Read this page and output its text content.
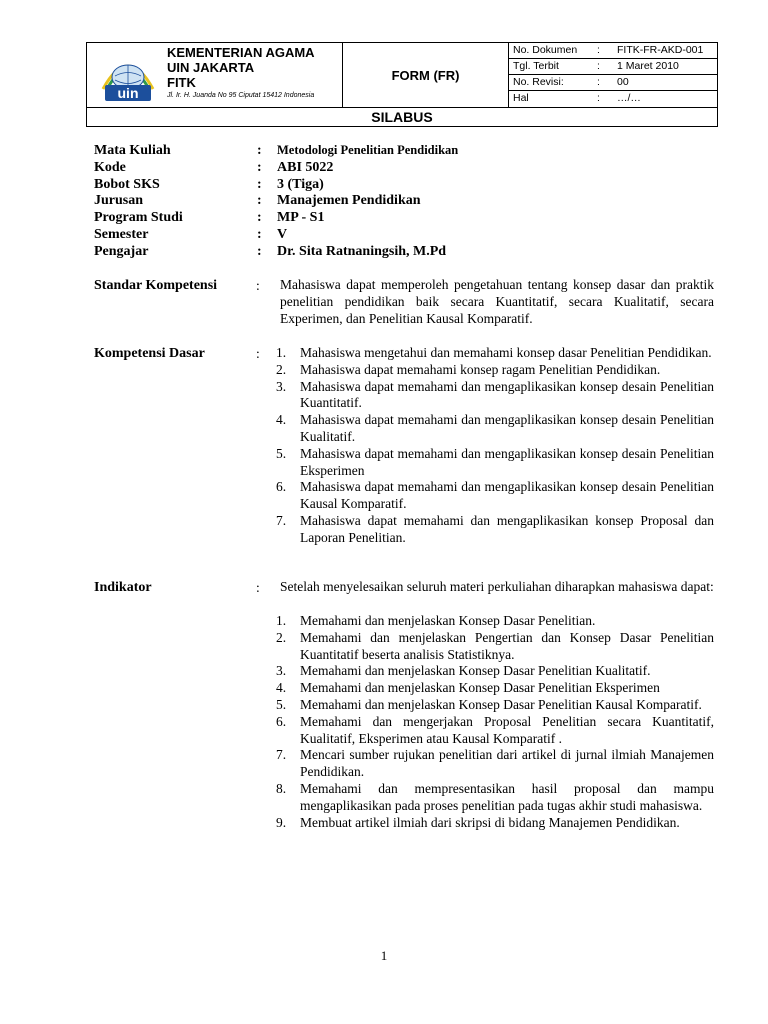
uin
KEMENTERIAN AGAMA
UIN JAKARTA
FITK
Jl. Ir. H. Juanda No 95 Ciputat 15412 Indonesia
FORM (FR)
No. Dokumen : FITK-FR-AKD-001
Tgl. Terbit	: 1 Maret 2010
No. Revisi:	: 00
Hal	: …/…
SILABUS
Mata Kuliah	: Metodologi Penelitian Pendidikan
Kode	: ABI 5022
Bobot SKS	: 3 (Tiga)
Jurusan	: Manajemen Pendidikan
Program Studi	: MP - S1
Semester	: V
Pengajar	: Dr. Sita Ratnaningsih, M.Pd
Standar Kompetensi	: Mahasiswa dapat memperoleh pengetahuan tentang konsep dasar dan praktik penelitian pendidikan baik secara Kuantitatif, secara Kualitatif, secara Experimen, dan Penelitian Kausal Komparatif.
Kompetensi Dasar	: 1. Mahasiswa mengetahui dan memahami konsep dasar Penelitian Pendidikan.
2. Mahasiswa dapat memahami konsep ragam Penelitian Pendidikan.
3. Mahasiswa dapat memahami dan mengaplikasikan konsep desain Penelitian Kuantitatif.
4. Mahasiswa dapat memahami dan mengaplikasikan konsep desain Penelitian Kualitatif.
5. Mahasiswa dapat memahami dan mengaplikasikan konsep desain Penelitian Eksperimen
6. Mahasiswa dapat memahami dan mengaplikasikan konsep desain Penelitian Kausal Komparatif.
7. Mahasiswa dapat memahami dan mengaplikasikan konsep Proposal dan Laporan Penelitian.
Indikator	: Setelah menyelesaikan seluruh materi perkuliahan diharapkan mahasiswa dapat:
1. Memahami dan menjelaskan Konsep Dasar Penelitian.
2. Memahami dan menjelaskan Pengertian dan Konsep Dasar Penelitian Kuantitatif beserta analisis Statistiknya.
3. Memahami dan menjelaskan Konsep Dasar Penelitian Kualitatif.
4. Memahami dan menjelaskan Konsep Dasar Penelitian Eksperimen
5. Memahami dan menjelaskan Konsep Dasar Penelitian Kausal Komparatif.
6. Memahami dan mengerjakan Proposal Penelitian secara Kuantitatif, Kualitatif, Eksperimen atau Kausal Komparatif .
7. Mencari sumber rujukan penelitian dari artikel di jurnal ilmiah Manajemen Pendidikan.
8. Memahami dan mempresentasikan hasil proposal dan mampu mengaplikasikan pada proses penelitian pada tugas akhir studi mahasiswa.
9. Membuat artikel ilmiah dari skripsi di bidang Manajemen Pendidikan.
1
